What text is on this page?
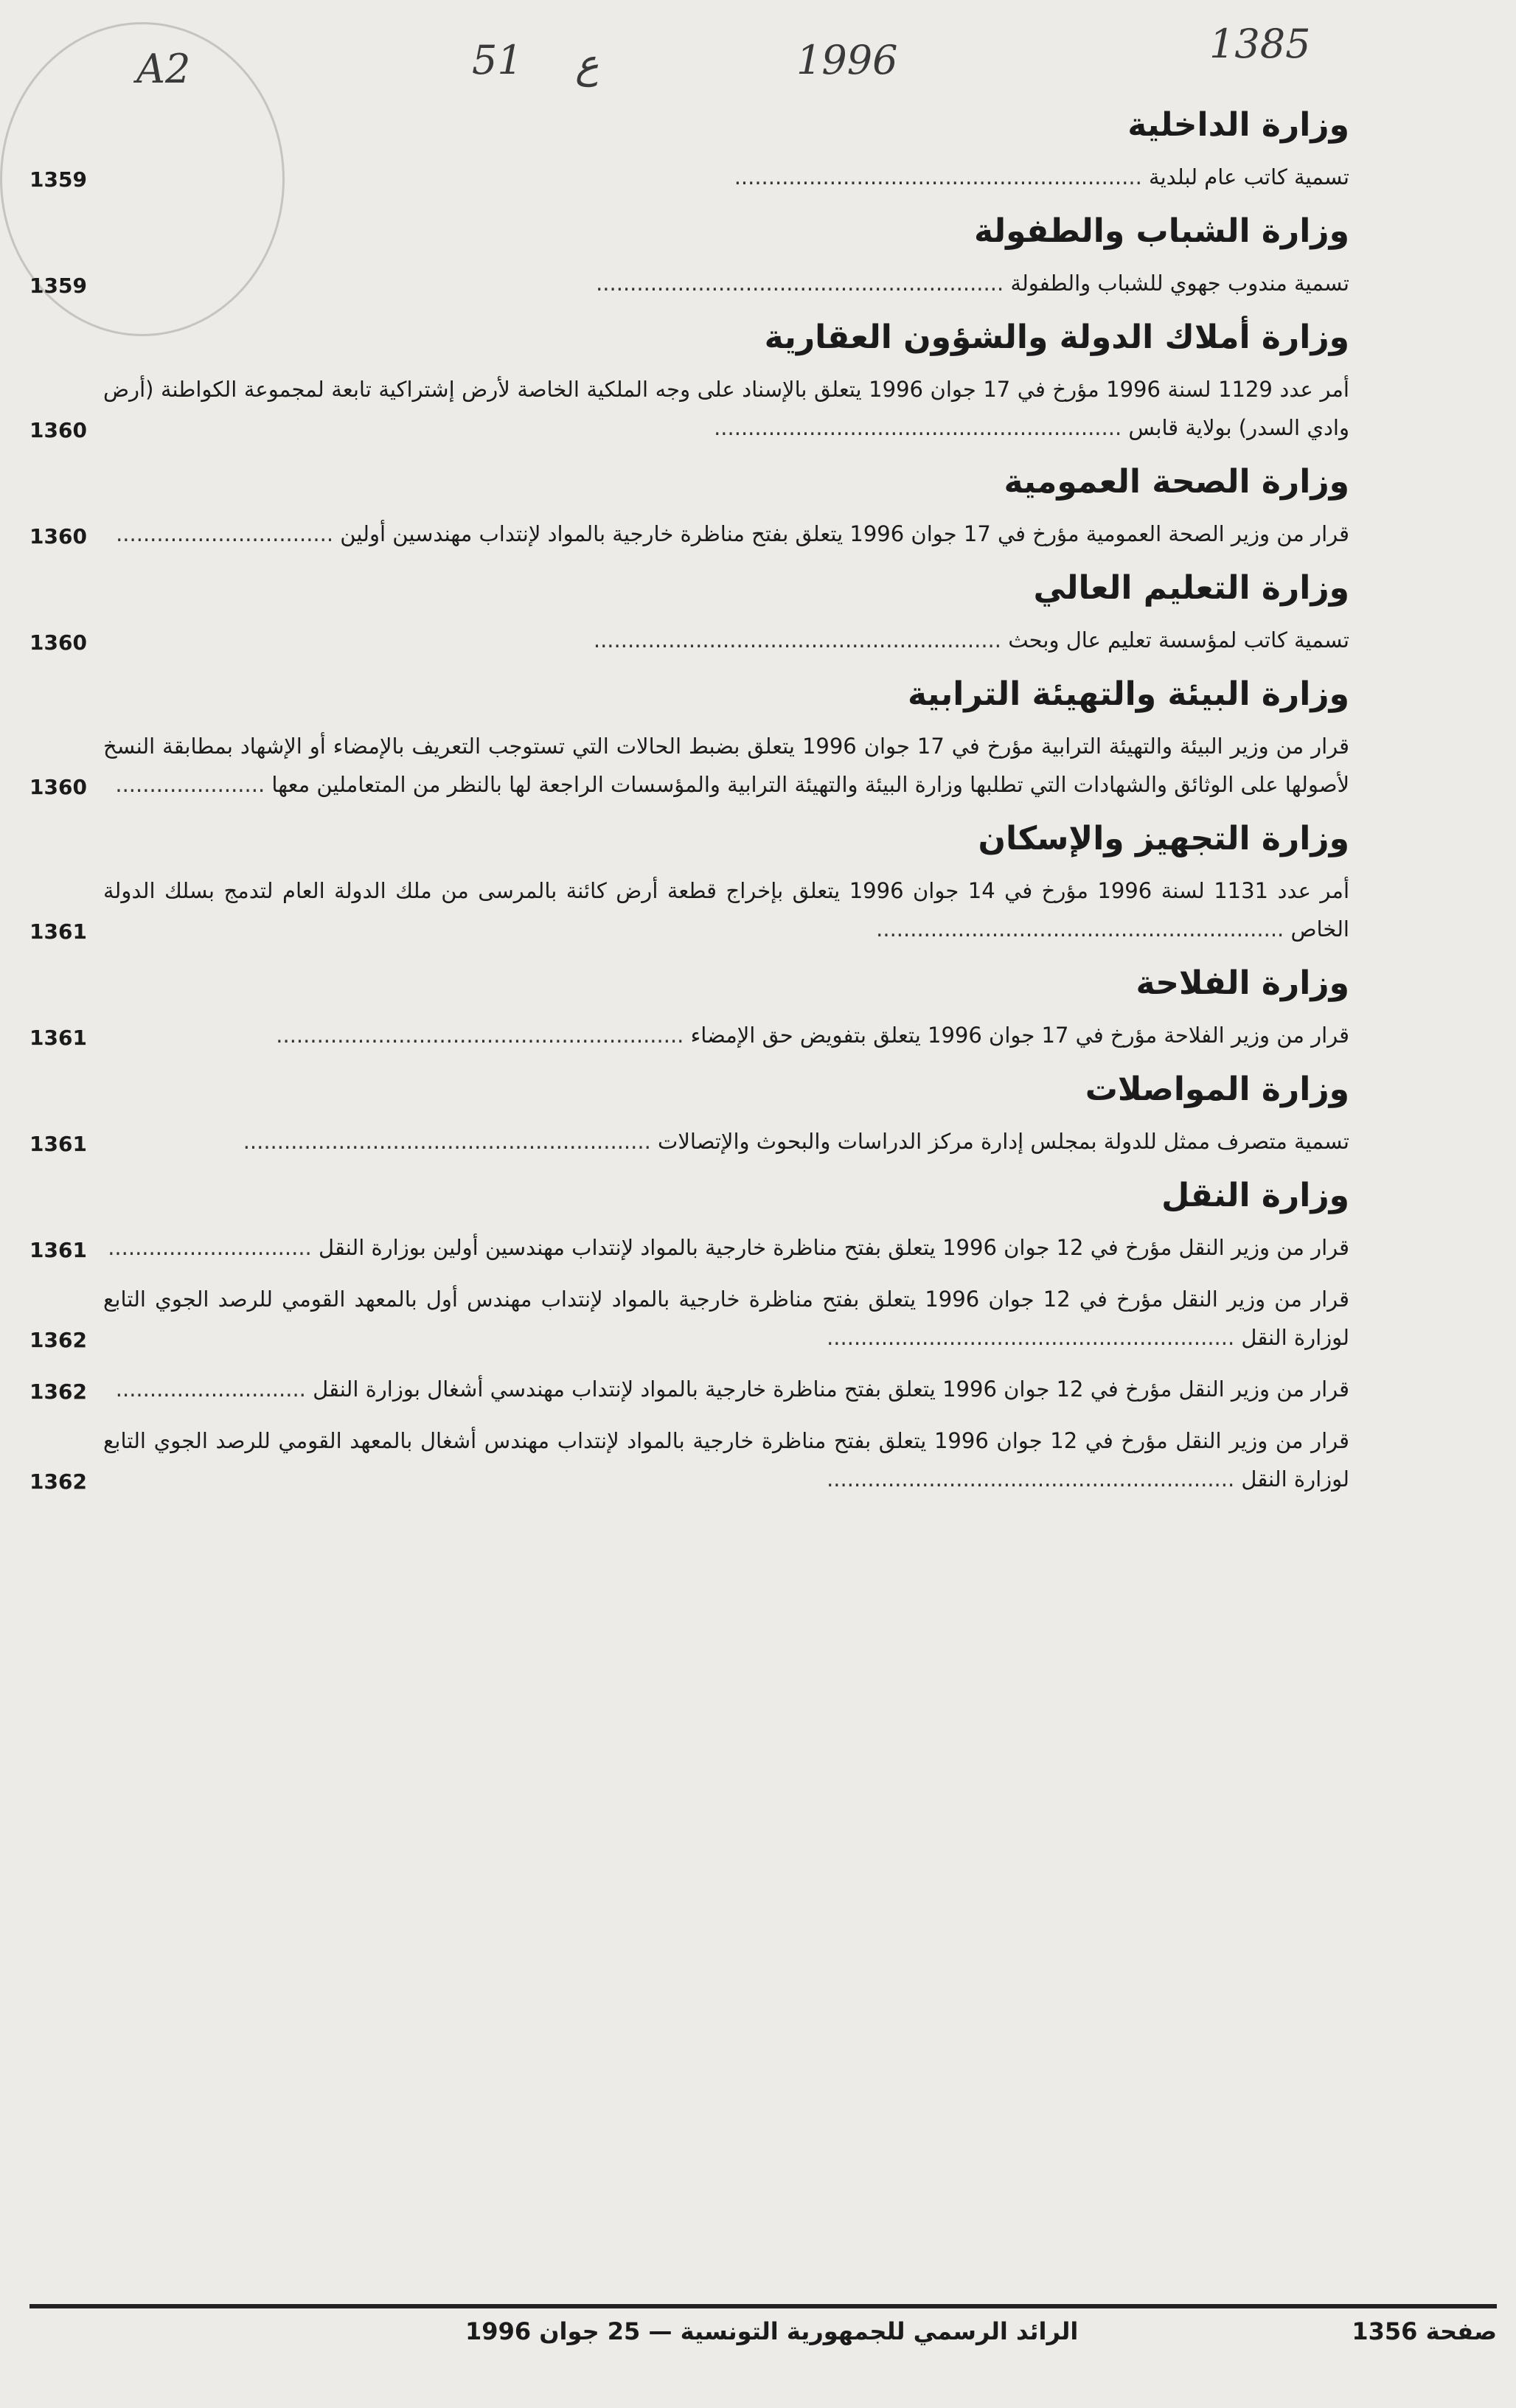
A2	51 ع	1996	1385
وزارة الداخلية
تسمية كاتب عام لبلدية ............................................................
1359
وزارة الشباب والطفولة
تسمية مندوب جهوي للشباب والطفولة ............................................................
1359
وزارة أملاك الدولة والشؤون العقارية
أمر عدد 1129 لسنة 1996 مؤرخ في 17 جوان 1996 يتعلق بالإسناد على وجه الملكية الخاصة لأرض إشتراكية تابعة لمجموعة الكواطنة (أرض وادي السدر) بولاية قابس ............................................................
1360
وزارة الصحة العمومية
قرار من وزير الصحة العمومية مؤرخ في 17 جوان 1996 يتعلق بفتح مناظرة خارجية بالمواد لإنتداب مهندسين أولين ................................
1360
وزارة التعليم العالي
تسمية كاتب لمؤسسة تعليم عال وبحث ............................................................
1360
وزارة البيئة والتهيئة الترابية
قرار من وزير البيئة والتهيئة الترابية مؤرخ في 17 جوان 1996 يتعلق بضبط الحالات التي تستوجب التعريف بالإمضاء أو الإشهاد بمطابقة النسخ لأصولها على الوثائق والشهادات التي تطلبها وزارة البيئة والتهيئة الترابية والمؤسسات الراجعة لها بالنظر من المتعاملين معها ......................
1360
وزارة التجهيز والإسكان
أمر عدد 1131 لسنة 1996 مؤرخ في 14 جوان 1996 يتعلق بإخراج قطعة أرض كائنة بالمرسى من ملك الدولة العام لتدمج بسلك الدولة الخاص ............................................................
1361
وزارة الفلاحة
قرار من وزير الفلاحة مؤرخ في 17 جوان 1996 يتعلق بتفويض حق الإمضاء ............................................................
1361
وزارة المواصلات
تسمية متصرف ممثل للدولة بمجلس إدارة مركز الدراسات والبحوث والإتصالات ............................................................
1361
وزارة النقل
قرار من وزير النقل مؤرخ في 12 جوان 1996 يتعلق بفتح مناظرة خارجية بالمواد لإنتداب مهندسين أولين بوزارة النقل ..............................
1361
قرار من وزير النقل مؤرخ في 12 جوان 1996 يتعلق بفتح مناظرة خارجية بالمواد لإنتداب مهندس أول بالمعهد القومي للرصد الجوي التابع لوزارة النقل ............................................................
1362
قرار من وزير النقل مؤرخ في 12 جوان 1996 يتعلق بفتح مناظرة خارجية بالمواد لإنتداب مهندسي أشغال بوزارة النقل ............................
1362
قرار من وزير النقل مؤرخ في 12 جوان 1996 يتعلق بفتح مناظرة خارجية بالمواد لإنتداب مهندس أشغال بالمعهد القومي للرصد الجوي التابع لوزارة النقل ............................................................
1362
صفحة 1356
الرائد الرسمي للجمهورية التونسية — 25 جوان 1996
